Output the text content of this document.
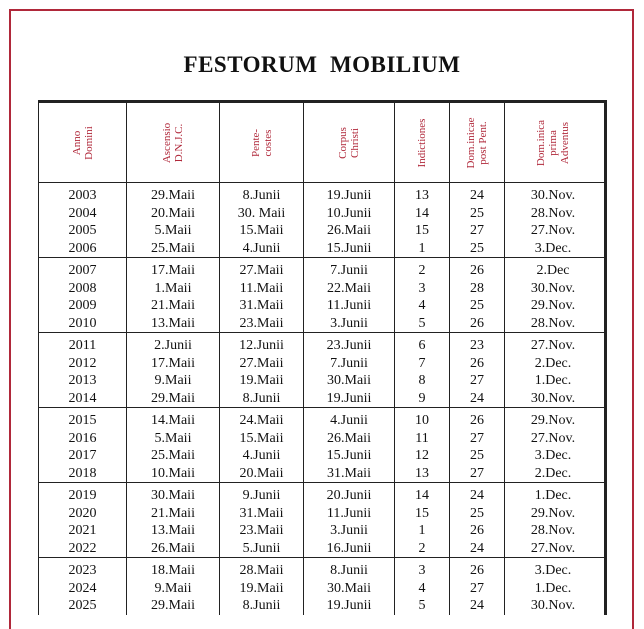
FESTORUM  MOBILIUM
Anno Domini	Ascensio D.N.J.C.	Pente- costes	Corpus Christi	Indictiones	Dom.inicae post Pent.	Dom.inica prima Adventus
2003	29.Maii	8.Junii	19.Junii	13	24	30.Nov.
2004	20.Maii	30. Maii	10.Junii	14	25	28.Nov.
2005	5.Maii	15.Maii	26.Maii	15	27	27.Nov.
2006	25.Maii	4.Junii	15.Junii	1	25	3.Dec.
2007	17.Maii	27.Maii	7.Junii	2	26	2.Dec
2008	1.Maii	11.Maii	22.Maii	3	28	30.Nov.
2009	21.Maii	31.Maii	11.Junii	4	25	29.Nov.
2010	13.Maii	23.Maii	3.Junii	5	26	28.Nov.
2011	2.Junii	12.Junii	23.Junii	6	23	27.Nov.
2012	17.Maii	27.Maii	7.Junii	7	26	2.Dec.
2013	9.Maii	19.Maii	30.Maii	8	27	1.Dec.
2014	29.Maii	8.Junii	19.Junii	9	24	30.Nov.
2015	14.Maii	24.Maii	4.Junii	10	26	29.Nov.
2016	5.Maii	15.Maii	26.Maii	11	27	27.Nov.
2017	25.Maii	4.Junii	15.Junii	12	25	3.Dec.
2018	10.Maii	20.Maii	31.Maii	13	27	2.Dec.
2019	30.Maii	9.Junii	20.Junii	14	24	1.Dec.
2020	21.Maii	31.Maii	11.Junii	15	25	29.Nov.
2021	13.Maii	23.Maii	3.Junii	1	26	28.Nov.
2022	26.Maii	5.Junii	16.Junii	2	24	27.Nov.
2023	18.Maii	28.Maii	8.Junii	3	26	3.Dec.
2024	9.Maii	19.Maii	30.Maii	4	27	1.Dec.
2025	29.Maii	8.Junii	19.Junii	5	24	30.Nov.
